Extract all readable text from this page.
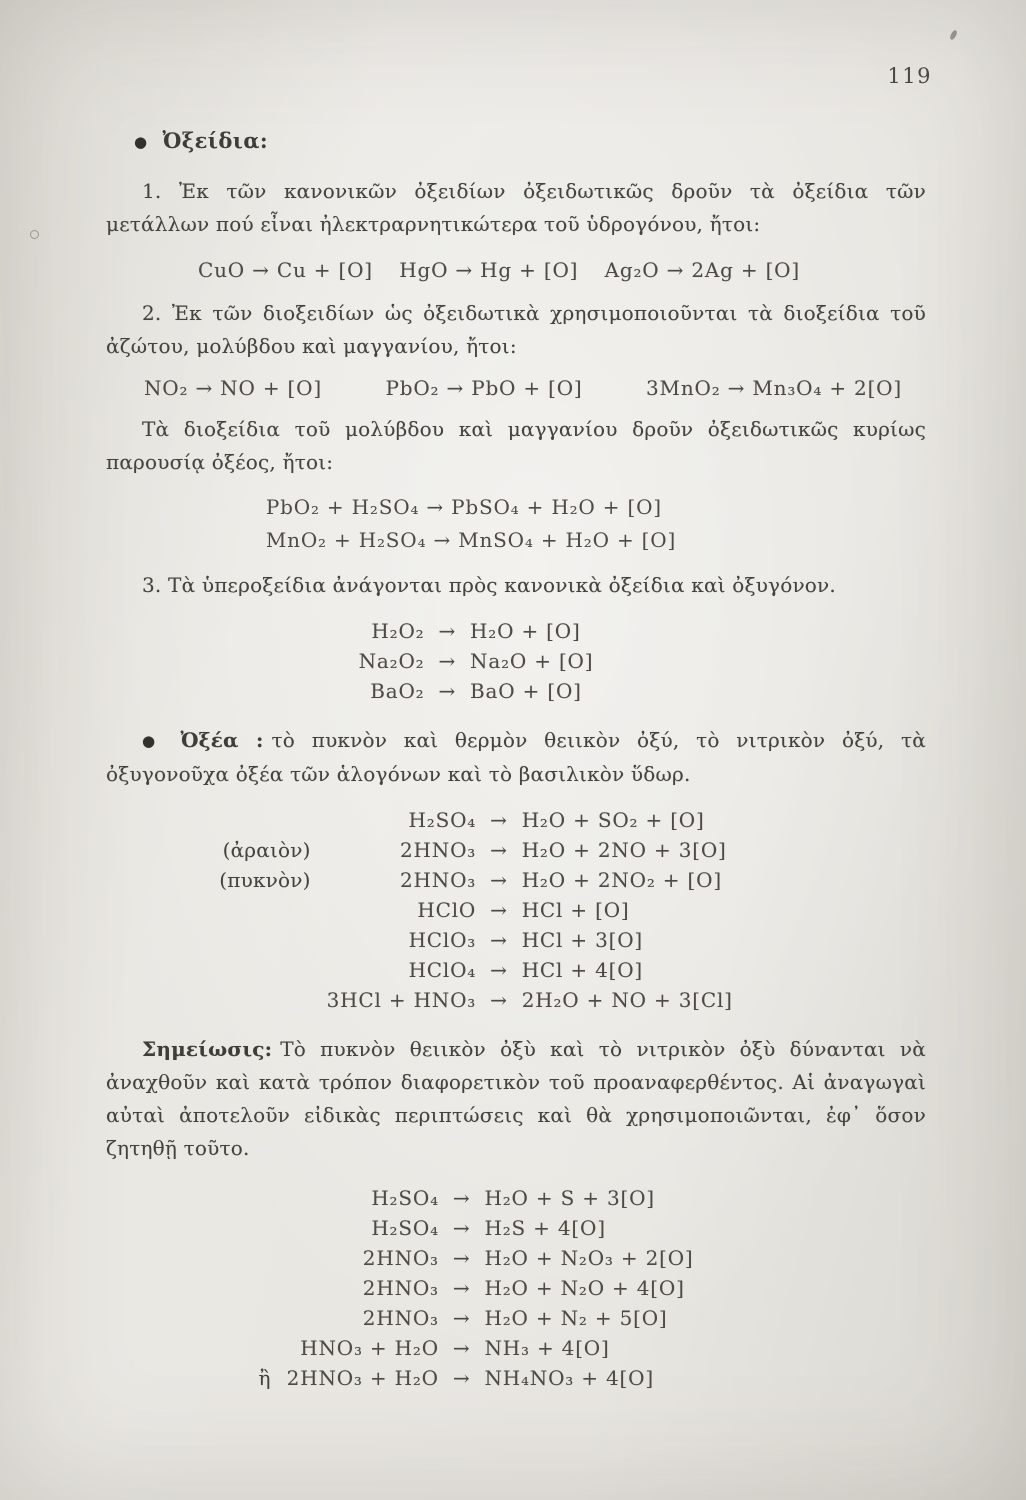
119
● Ὀξείδια:

1. Ἐκ τῶν κανονικῶν ὀξειδίων ὀξειδωτικῶς δροῦν τὰ ὀξείδια τῶν μετάλλων πού εἶναι ἠλεκτραρνητικώτερα τοῦ ὑδρογόνου, ἤτοι:

CuO → Cu + [O] HgO → Hg + [O] Ag₂O → 2Ag + [O]

2. Ἐκ τῶν διοξειδίων ὡς ὀξειδωτικὰ χρησιμοποιοῦνται τὰ διοξείδια τοῦ ἀζώτου, μολύβδου καὶ μαγγανίου, ἤτοι:

NO₂ → NO + [O]	PbO₂ → PbO + [O]	3MnO₂ → Mn₃O₄ + 2[O]

Τὰ διοξείδια τοῦ μολύβδου καὶ μαγγανίου δροῦν ὀξειδωτικῶς κυρίως παρουσίᾳ ὀξέος, ἤτοι:

PbO₂ + H₂SO₄ → PbSO₄ + H₂O + [O]
MnO₂ + H₂SO₄ → MnSO₄ + H₂O + [O]

3. Τὰ ὑπεροξείδια ἀνάγονται πρὸς κανονικὰ ὀξείδια καὶ ὀξυγόνον.

H₂O₂ → H₂O + [O]
Na₂O₂ → Na₂O + [O]
BaO₂ → BaO + [O]

● Ὀξέα : τὸ πυκνὸν καὶ θερμὸν θειικὸν ὀξύ, τὸ νιτρικὸν ὀξύ, τὰ ὀξυγονοῦχα ὀξέα τῶν ἁλογόνων καὶ τὸ βασιλικὸν ὕδωρ.

H₂SO₄ → H₂O + SO₂ + [O]
(ἀραιὸν)	2HNO₃ → H₂O + 2NO + 3[O]
(πυκνὸν)	2HNO₃ → H₂O + 2NO₂ + [O]
HClO → HCl + [O]
HClO₃ → HCl + 3[O]
HClO₄ → HCl + 4[O]
3HCl + HNO₃ → 2H₂O + NO + 3[Cl]

Σημείωσις: Τὸ πυκνὸν θειικὸν ὀξὺ καὶ τὸ νιτρικὸν ὀξὺ δύνανται νὰ ἀναχθοῦν καὶ κατὰ τρόπον διαφορετικὸν τοῦ προαναφερθέντος. Αἱ ἀναγωγαὶ αὐταὶ ἀποτελοῦν εἰδικὰς περιπτώσεις καὶ θὰ χρησιμοποιῶνται, ἐφ᾽ ὅσον ζητηθῇ τοῦτο.

H₂SO₄ → H₂O + S + 3[O]
H₂SO₄ → H₂S + 4[O]
2HNO₃ → H₂O + N₂O₃ + 2[O]
2HNO₃ → H₂O + N₂O + 4[O]
2HNO₃ → H₂O + N₂ + 5[O]
HNO₃ + H₂O → NH₃ + 4[O]
ἢ 2HNO₃ + H₂O → NH₄NO₃ + 4[O]
